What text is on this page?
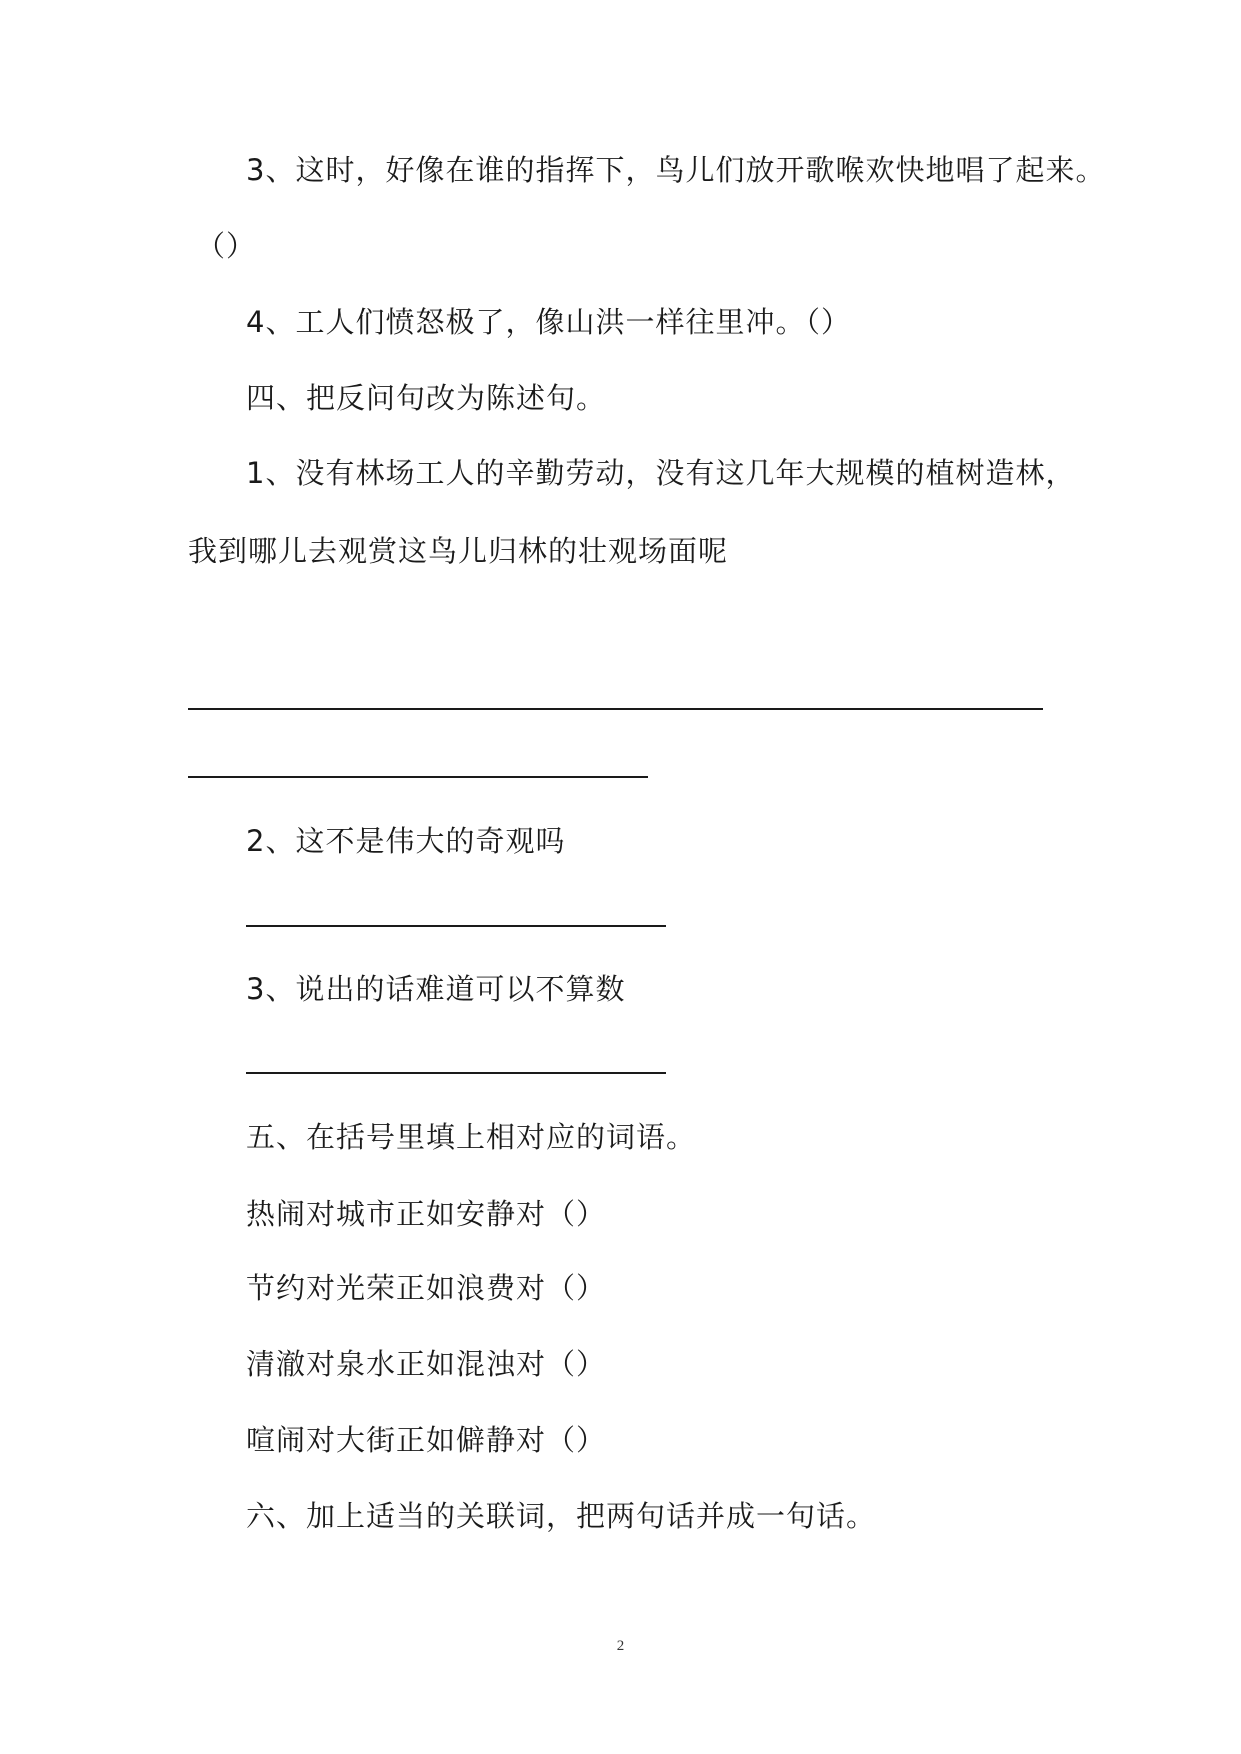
3、这时，好像在谁的指挥下，鸟儿们放开歌喉欢快地唱了起来。
（）
4、工人们愤怒极了，像山洪一样往里冲。（）
四、把反问句改为陈述句。
1、没有林场工人的辛勤劳动，没有这几年大规模的植树造林，
我到哪儿去观赏这鸟儿归林的壮观场面呢
2、这不是伟大的奇观吗
3、说出的话难道可以不算数
五、在括号里填上相对应的词语。
热闹对城市正如安静对（）
节约对光荣正如浪费对（）
清澈对泉水正如混浊对（）
喧闹对大街正如僻静对（）
六、加上适当的关联词，把两句话并成一句话。
2
